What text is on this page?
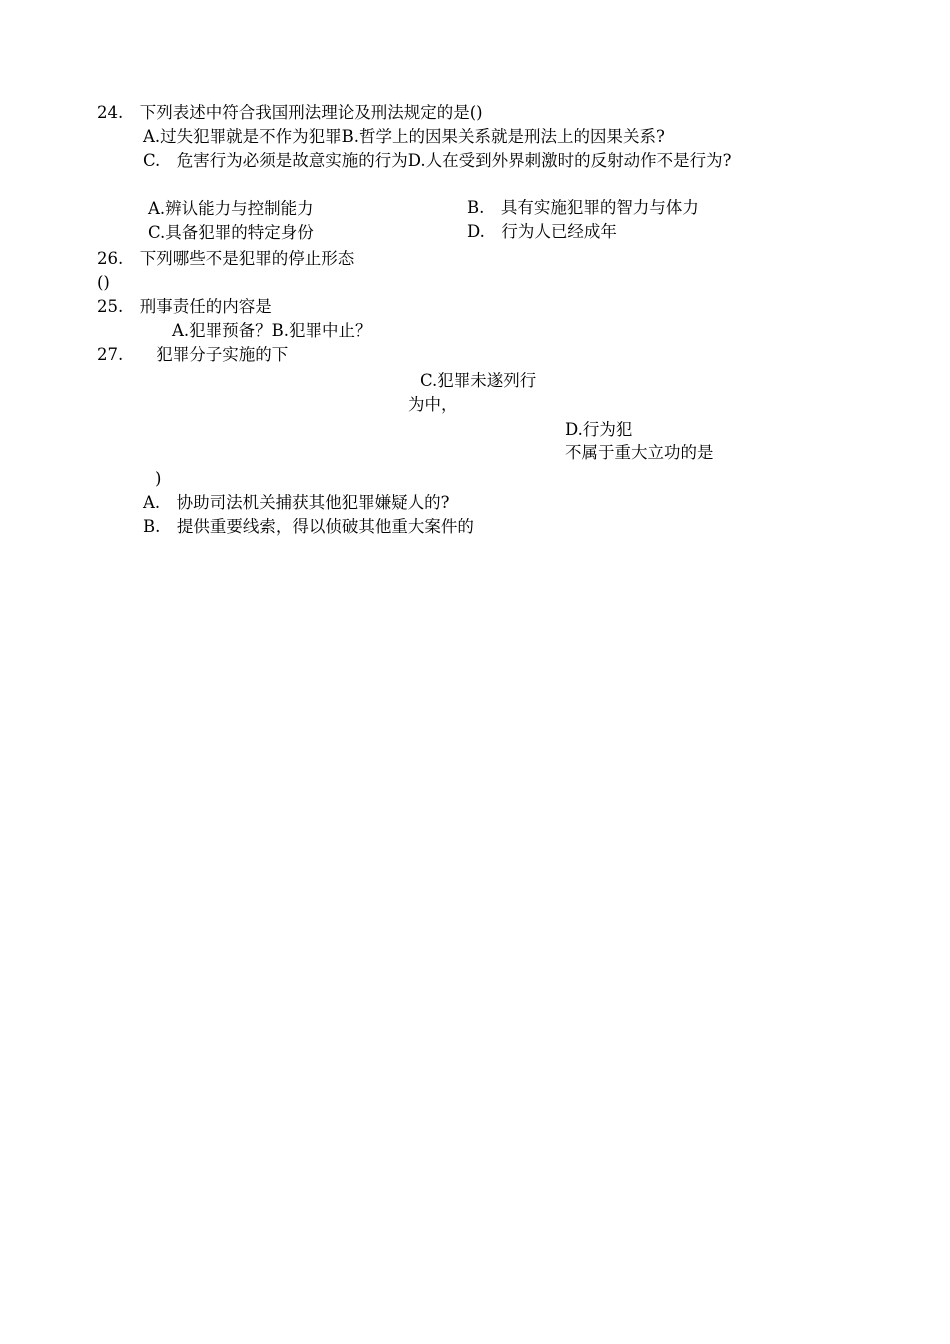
24.　下列表述中符合我国刑法理论及刑法规定的是()
A.过失犯罪就是不作为犯罪B.哲学上的因果关系就是刑法上的因果关系?
C.　危害行为必须是故意实施的行为D.人在受到外界刺激时的反射动作不是行为?
A.辨认能力与控制能力	B.　具有实施犯罪的智力与体力
C.具备犯罪的特定身份	D.　行为人已经成年
26.　下列哪些不是犯罪的停止形态
()
25.　刑事责任的内容是
A.犯罪预备？B.犯罪中止？
27.　　犯罪分子实施的下
C.犯罪未遂列行
为中，
D.行为犯
不属于重大立功的是
)
A.　协助司法机关捕获其他犯罪嫌疑人的?
B.　提供重要线索，得以侦破其他重大案件的
